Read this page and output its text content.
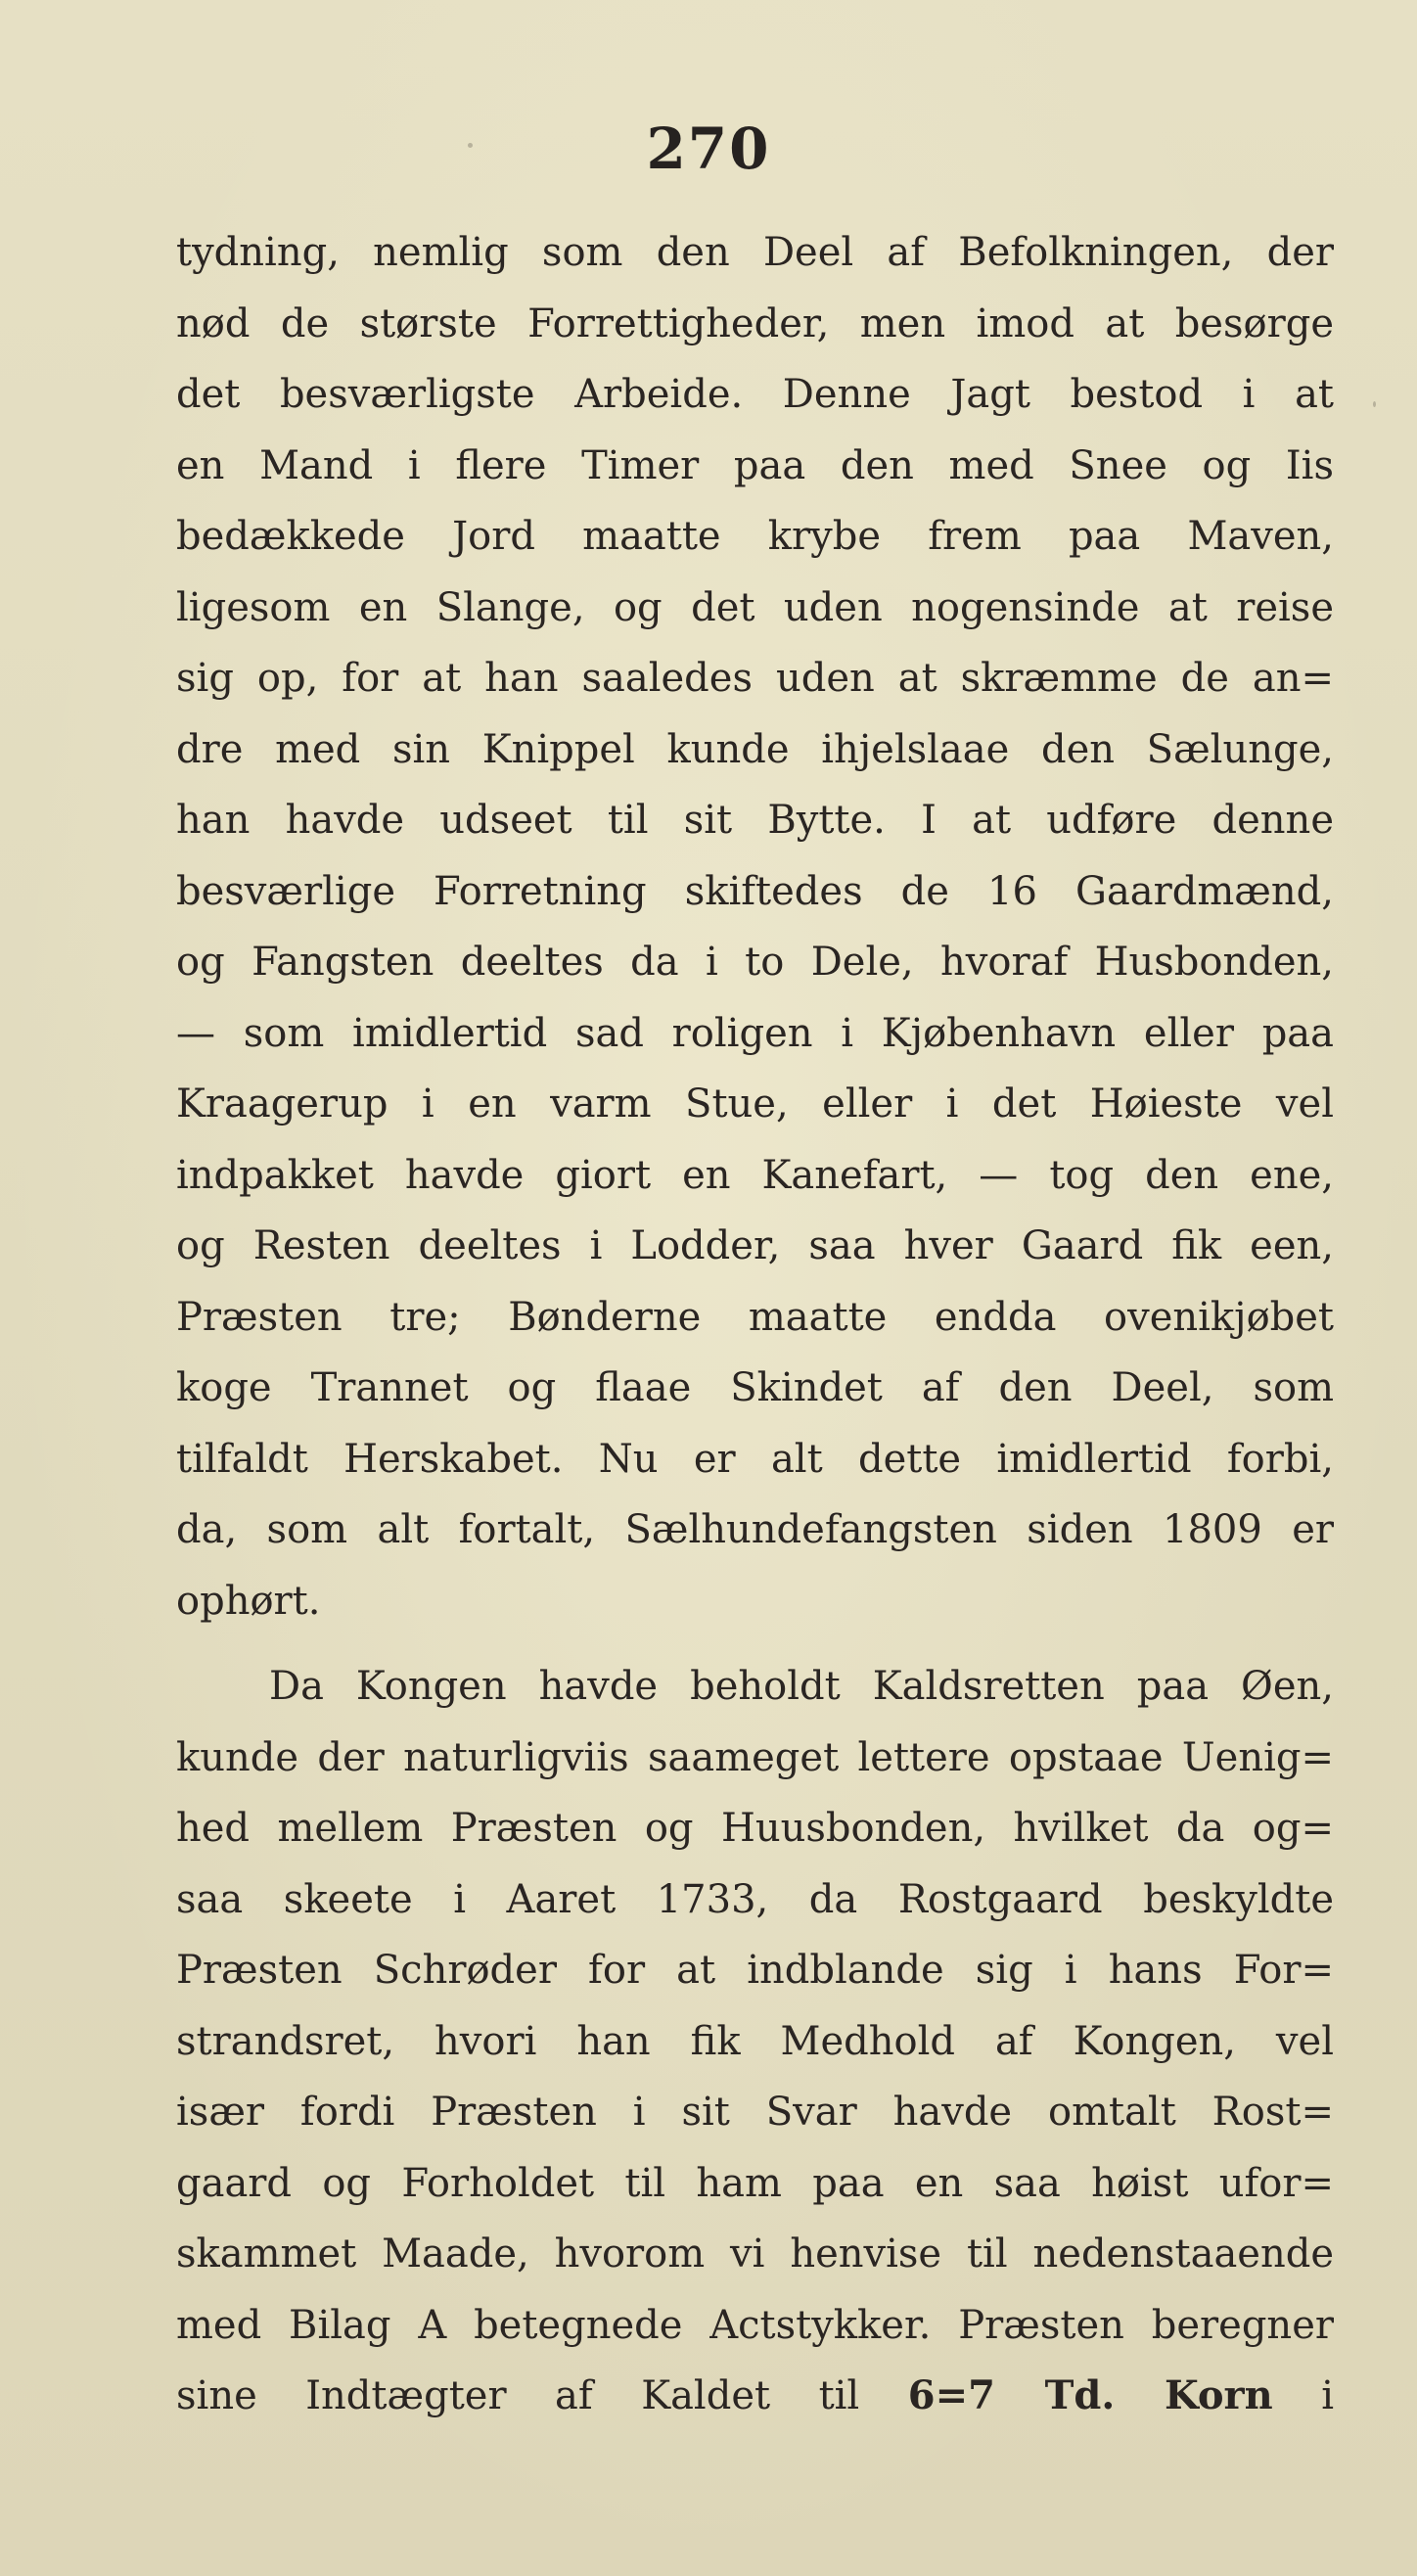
270
tydning, nemlig som den Deel af Befolkningen, der
nød de største Forrettigheder, men imod at besørge
det besværligste Arbeide. Denne Jagt bestod i at
en Mand i flere Timer paa den med Snee og Iis
bedækkede Jord maatte krybe frem paa Maven,
ligesom en Slange, og det uden nogensinde at reise
sig op, for at han saaledes uden at skræmme de an=
dre med sin Knippel kunde ihjelslaae den Sælunge,
han havde udseet til sit Bytte. I at udføre denne
besværlige Forretning skiftedes de 16 Gaardmænd,
og Fangsten deeltes da i to Dele, hvoraf Husbonden,
— som imidlertid sad roligen i Kjøbenhavn eller paa
Kraagerup i en varm Stue, eller i det Høieste vel
indpakket havde giort en Kanefart, — tog den ene,
og Resten deeltes i Lodder, saa hver Gaard fik een,
Præsten tre; Bønderne maatte endda ovenikjøbet
koge Trannet og flaae Skindet af den Deel, som
tilfaldt Herskabet. Nu er alt dette imidlertid forbi,
da, som alt fortalt, Sælhundefangsten siden 1809 er
ophørt.
Da Kongen havde beholdt Kaldsretten paa Øen,
kunde der naturligviis saameget lettere opstaae Uenig=
hed mellem Præsten og Huusbonden, hvilket da og=
saa skeete i Aaret 1733, da Rostgaard beskyldte
Præsten Schrøder for at indblande sig i hans For=
strandsret, hvori han fik Medhold af Kongen, vel
især fordi Præsten i sit Svar havde omtalt Rost=
gaard og Forholdet til ham paa en saa høist ufor=
skammet Maade, hvorom vi henvise til nedenstaaende
med Bilag A betegnede Actstykker. Præsten beregner
sine Indtægter af Kaldet til 6=7 Td. Korn i
